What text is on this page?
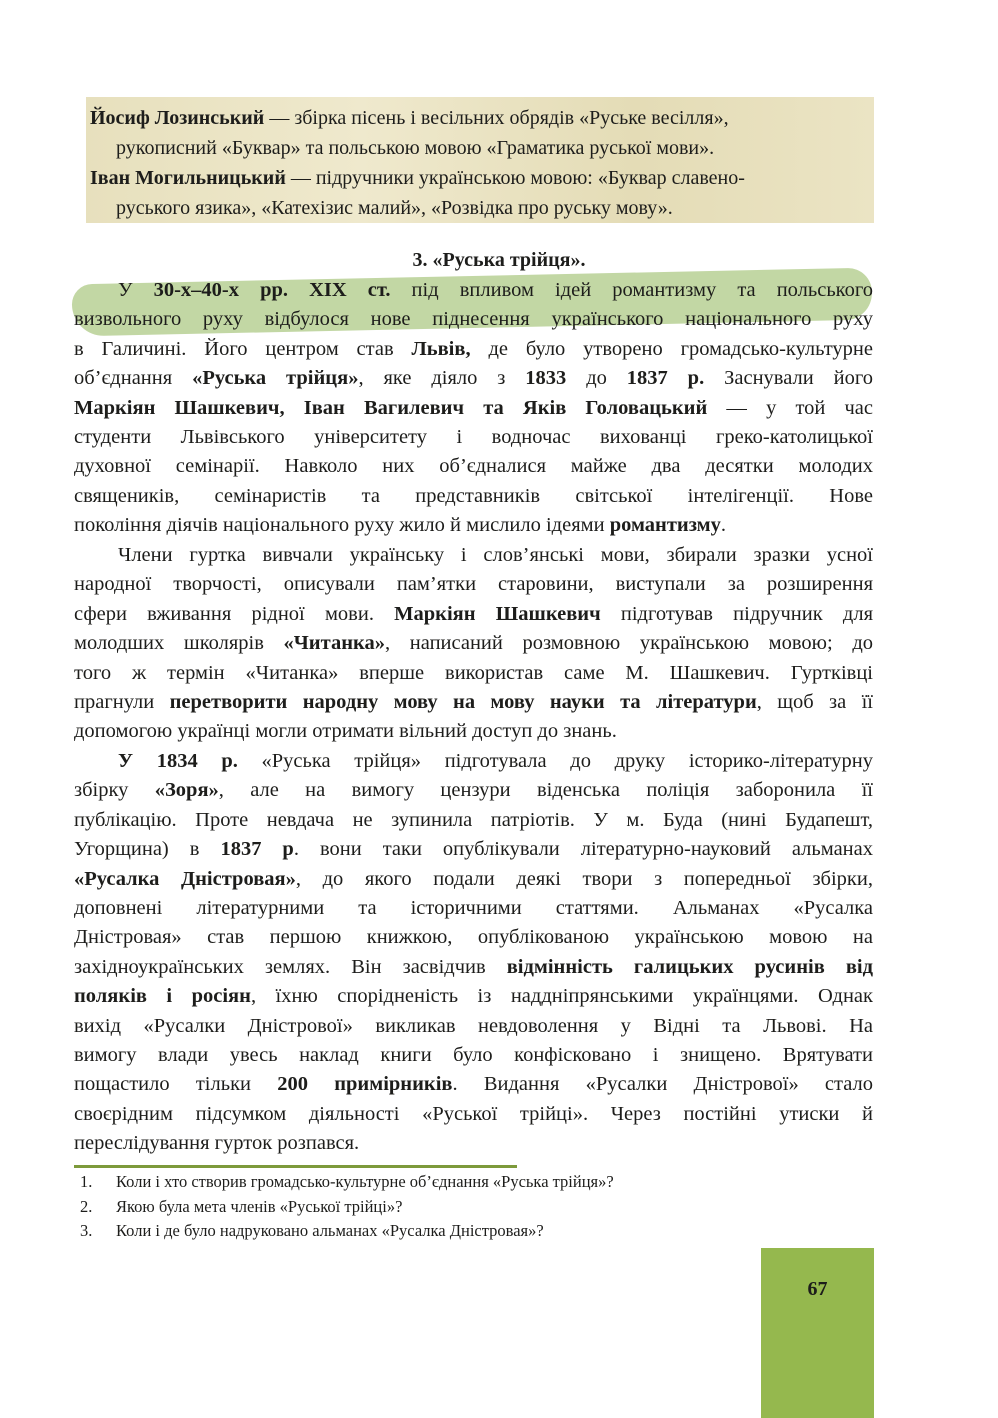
Йосиф Лозинський — збірка пісень і весільних обрядів «Руське весілля»,
рукописний «Буквар» та польською мовою «Граматика руської мови».
Іван Могильницький — підручники українською мовою: «Буквар славено-
руського язика», «Катехізис малий», «Розвідка про руську мову».
3. «Руська трійця».
У 30-х–40-х рр. ХІХ ст. під впливом ідей романтизму та польського
визвольного руху відбулося нове піднесення українського національного руху
в Галичині. Його центром став Львів, де було утворено громадсько-культурне
об’єднання «Руська трійця», яке діяло з 1833 до 1837 р. Заснували його
Маркіян Шашкевич, Іван Вагилевич та Яків Головацький — у той час
студенти Львівського університету і водночас вихованці греко-католицької
духовної семінарії. Навколо них об’єдналися майже два десятки молодих
священиків, семінаристів та представників світської інтелігенції. Нове
покоління діячів національного руху жило й мислило ідеями романтизму.
Члени гуртка вивчали українську і слов’янські мови, збирали зразки усної
народної творчості, описували пам’ятки старовини, виступали за розширення
сфери вживання рідної мови. Маркіян Шашкевич підготував підручник для
молодших школярів «Читанка», написаний розмовною українською мовою; до
того ж термін «Читанка» вперше використав саме М. Шашкевич. Гуртківці
прагнули перетворити народну мову на мову науки та літератури, щоб за її
допомогою українці могли отримати вільний доступ до знань.
У 1834 р. «Руська трійця» підготувала до друку історико-літературну
збірку «Зоря», але на вимогу цензури віденська поліція заборонила її
публікацію. Проте невдача не зупинила патріотів. У м. Буда (нині Будапешт,
Угорщина) в 1837 р. вони таки опублікували літературно-науковий альманах
«Русалка Дністровая», до якого подали деякі твори з попередньої збірки,
доповнені літературними та історичними статтями. Альманах «Русалка
Дністровая» став першою книжкою, опублікованою українською мовою на
західноукраїнських землях. Він засвідчив відмінність галицьких русинів від
поляків і росіян, їхню спорідненість із наддніпрянськими українцями. Однак
вихід «Русалки Дністрової» викликав невдоволення у Відні та Львові. На
вимогу влади увесь наклад книги було конфісковано і знищено. Врятувати
пощастило тільки 200 примірників. Видання «Русалки Дністрової» стало
своєрідним підсумком діяльності «Руської трійці». Через постійні утиски й
переслідування гурток розпався.
1.	Коли і хто створив громадсько-культурне об’єднання «Руська трійця»?
2.	Якою була мета членів «Руської трійці»?
3.	Коли і де було надруковано альманах «Русалка Дністровая»?
67
